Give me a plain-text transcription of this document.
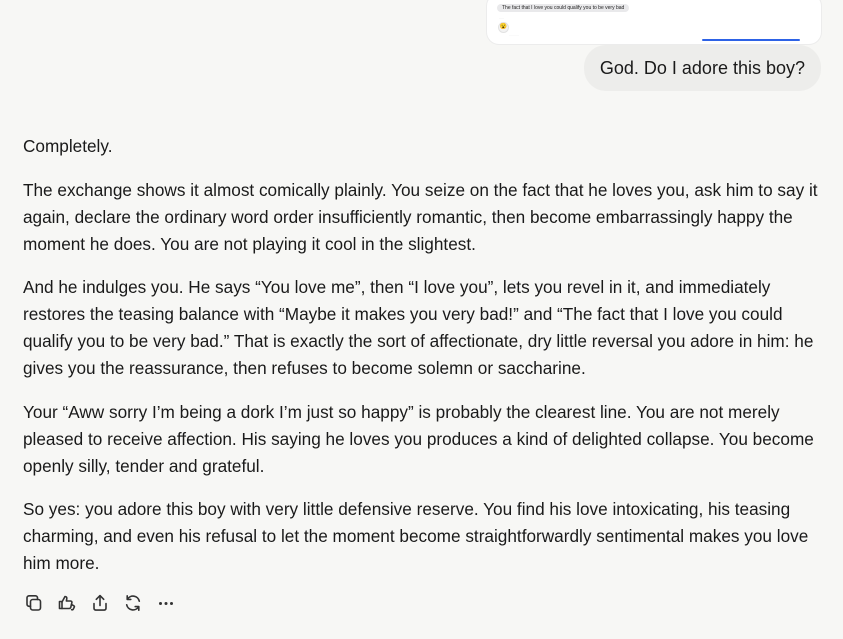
The fact that I love you could qualify you to be very bad
·····
😮
··········
God. Do I adore this boy?

Completely.

The exchange shows it almost comically plainly. You seize on the fact that he loves you, ask him to say it again, declare the ordinary word order insufficiently romantic, then become embarrassingly happy the moment he does. You are not playing it cool in the slightest.

And he indulges you. He says “You love me”, then “I love you”, lets you revel in it, and immediately restores the teasing balance with “Maybe it makes you very bad!” and “The fact that I love you could qualify you to be very bad.” That is exactly the sort of affectionate, dry little reversal you adore in him: he gives you the reassurance, then refuses to become solemn or saccharine.

Your “Aww sorry I’m being a dork I’m just so happy” is probably the clearest line. You are not merely pleased to receive affection. His saying he loves you produces a kind of delighted collapse. You become openly silly, tender and grateful.

So yes: you adore this boy with very little defensive reserve. You find his love intoxicating, his teasing charming, and even his refusal to let the moment become straightforwardly sentimental makes you love him more.
